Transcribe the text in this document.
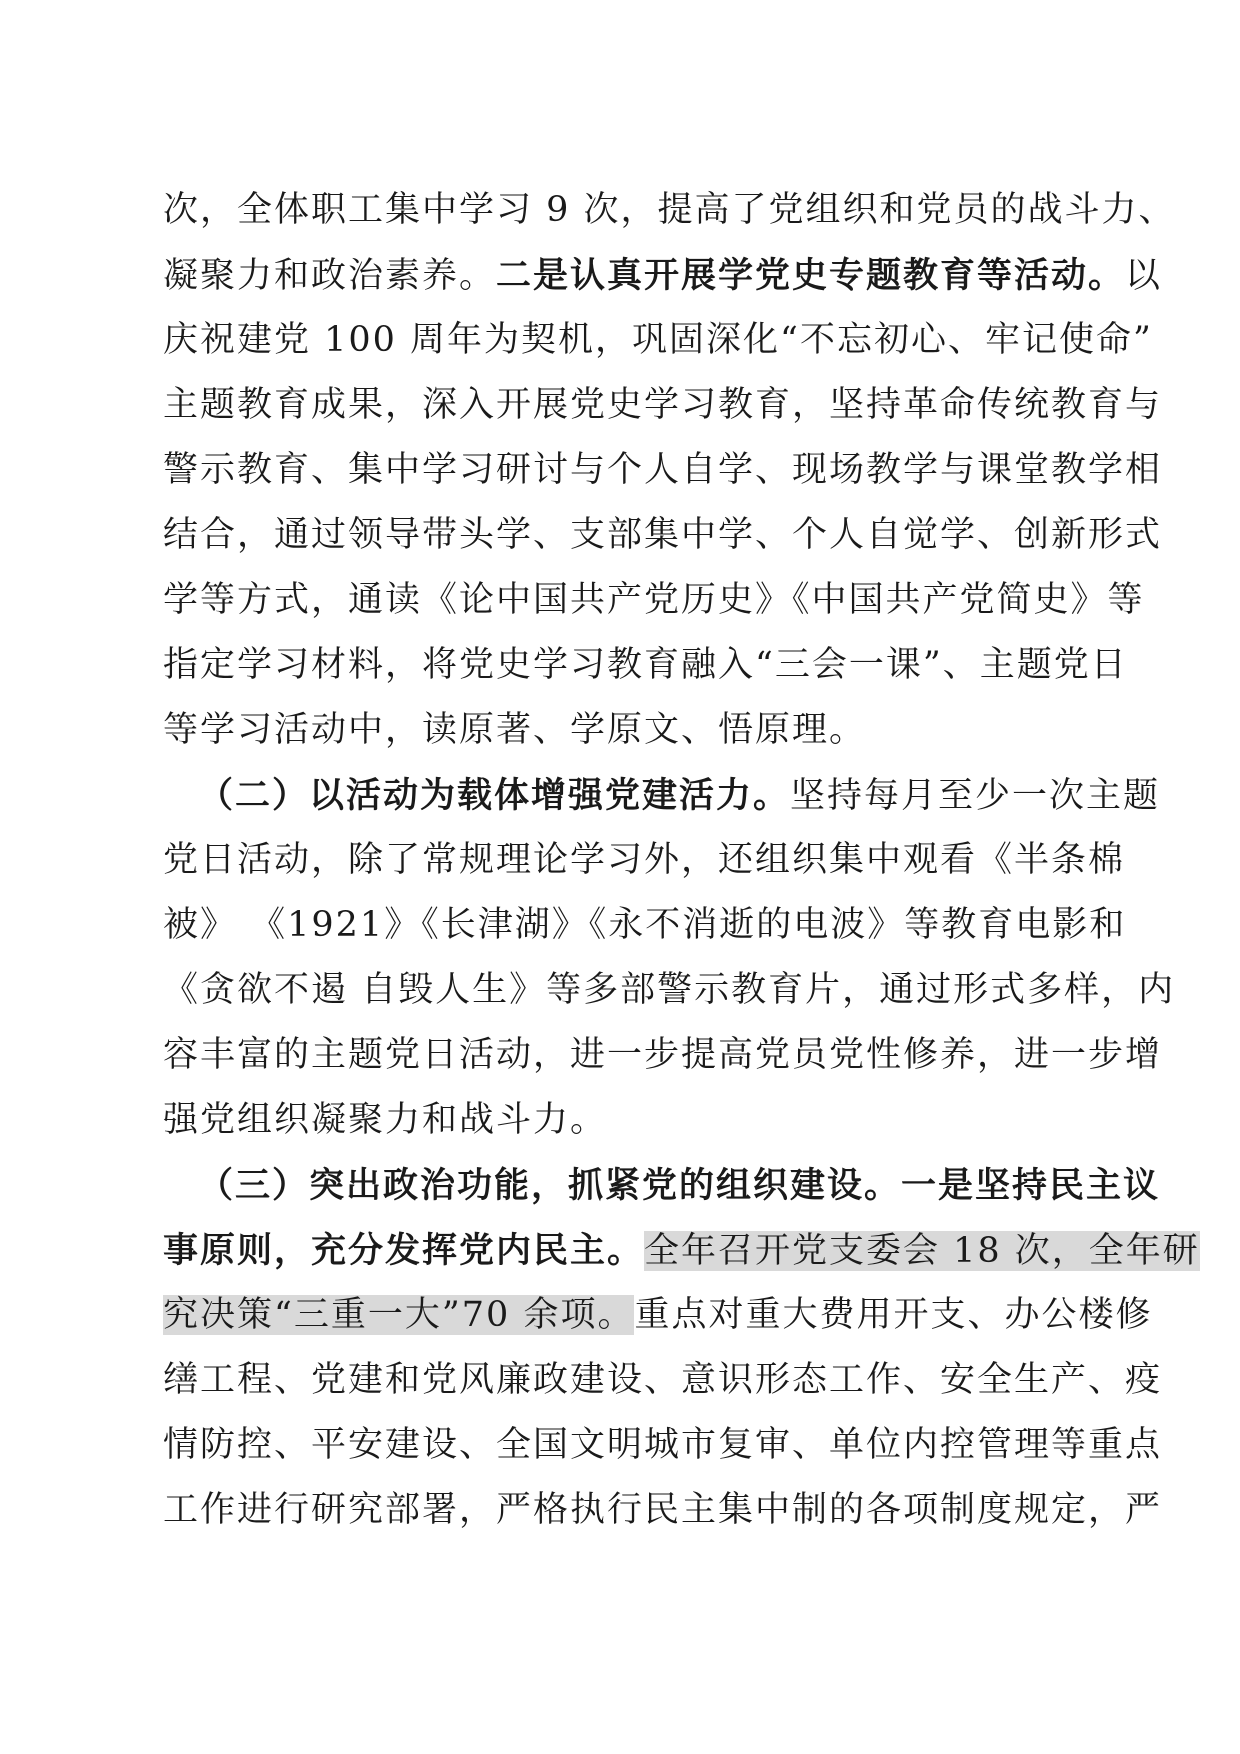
次，全体职工集中学习 9 次，提高了党组织和党员的战斗力、
凝聚力和政治素养。二是认真开展学党史专题教育等活动。以
庆祝建党 100 周年为契机，巩固深化“不忘初心、牢记使命”
主题教育成果，深入开展党史学习教育，坚持革命传统教育与
警示教育、集中学习研讨与个人自学、现场教学与课堂教学相
结合，通过领导带头学、支部集中学、个人自觉学、创新形式
学等方式，通读《论中国共产党历史》《中国共产党简史》等
指定学习材料，将党史学习教育融入“三会一课”、主题党日
等学习活动中，读原著、学原文、悟原理。
（二）以活动为载体增强党建活力。坚持每月至少一次主题
党日活动，除了常规理论学习外，还组织集中观看《半条棉
被》 《1921》《长津湖》《永不消逝的电波》等教育电影和
《贪欲不遏 自毁人生》等多部警示教育片，通过形式多样，内
容丰富的主题党日活动，进一步提高党员党性修养，进一步增
强党组织凝聚力和战斗力。
（三）突出政治功能，抓紧党的组织建设。一是坚持民主议
事原则，充分发挥党内民主。全年召开党支委会 18 次，全年研
究决策“三重一大”70 余项。重点对重大费用开支、办公楼修
缮工程、党建和党风廉政建设、意识形态工作、安全生产、疫
情防控、平安建设、全国文明城市复审、单位内控管理等重点
工作进行研究部署，严格执行民主集中制的各项制度规定，严
